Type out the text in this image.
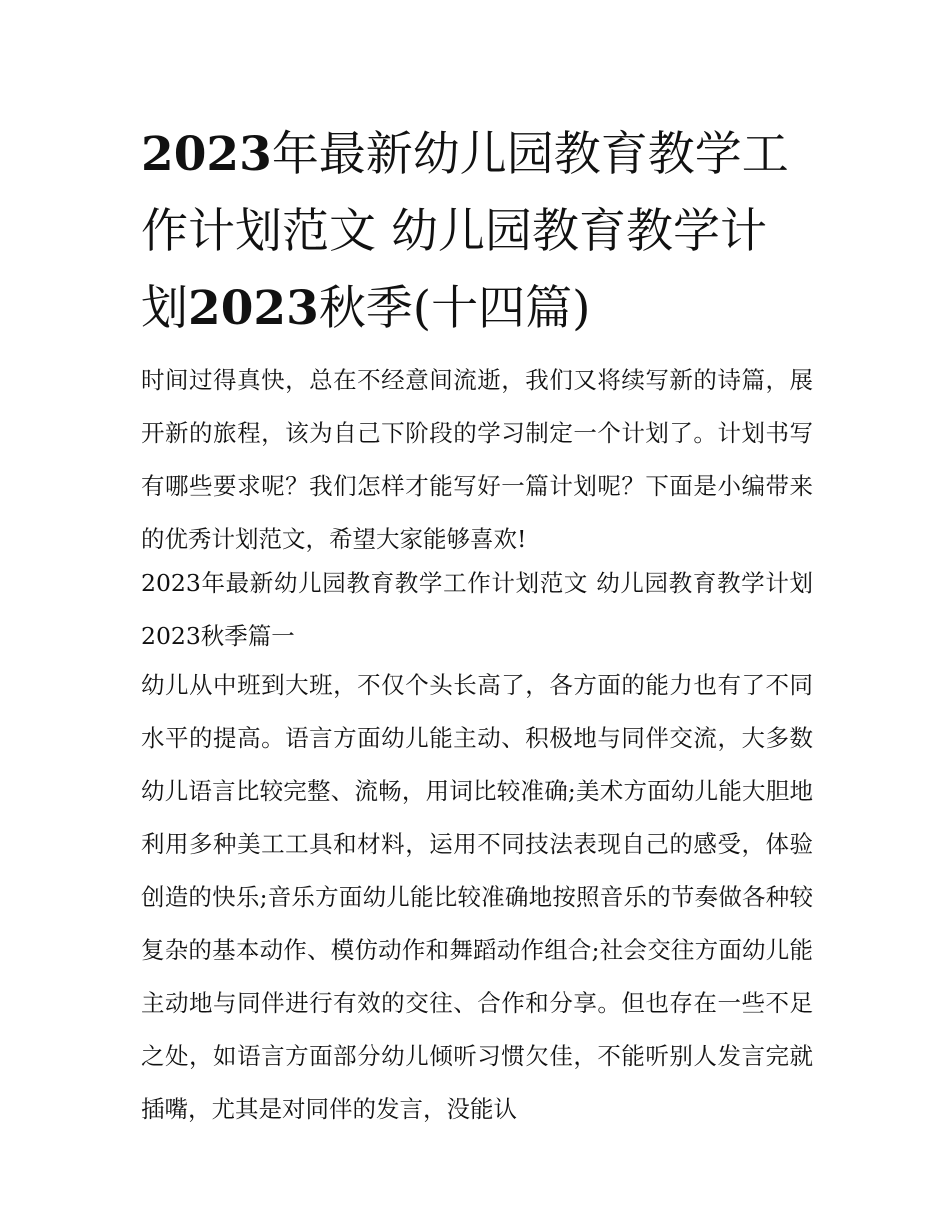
2023年最新幼儿园教育教学工作计划范文 幼儿园教育教学计划2023秋季(十四篇)

时间过得真快，总在不经意间流逝，我们又将续写新的诗篇，展开新的旅程，该为自己下阶段的学习制定一个计划了。计划书写有哪些要求呢？我们怎样才能写好一篇计划呢？下面是小编带来的优秀计划范文，希望大家能够喜欢!

2023年最新幼儿园教育教学工作计划范文 幼儿园教育教学计划2023秋季篇一

幼儿从中班到大班，不仅个头长高了，各方面的能力也有了不同水平的提高。语言方面幼儿能主动、积极地与同伴交流，大多数幼儿语言比较完整、流畅，用词比较准确;美术方面幼儿能大胆地利用多种美工工具和材料，运用不同技法表现自己的感受，体验创造的快乐;音乐方面幼儿能比较准确地按照音乐的节奏做各种较复杂的基本动作、模仿动作和舞蹈动作组合;社会交往方面幼儿能主动地与同伴进行有效的交往、合作和分享。但也存在一些不足之处，如语言方面部分幼儿倾听习惯欠佳，不能听别人发言完就插嘴，尤其是对同伴的发言，没能认
